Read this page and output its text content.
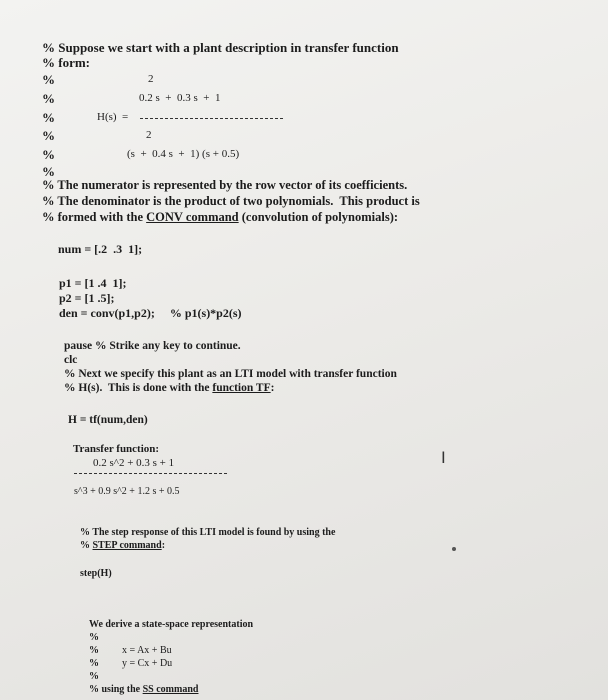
% Suppose we start with a plant description in transfer function
% form:
%	2
%	0.2 s  +  0.3 s  +  1
%	H(s)  =
%	2
%	(s  +  0.4 s  +  1) (s + 0.5)
%
% The numerator is represented by the row vector of its coefficients.
% The denominator is the product of two polynomials.  This product is
% formed with the CONV command (convolution of polynomials):
num = [.2  .3  1];
p1 = [1 .4  1];
p2 = [1 .5];
den = conv(p1,p2);     % p1(s)*p2(s)
pause % Strike any key to continue.
clc
% Next we specify this plant as an LTI model with transfer function
% H(s).  This is done with the function TF:
H = tf(num,den)
Transfer function:
0.2 s^2 + 0.3 s + 1
s^3 + 0.9 s^2 + 1.2 s + 0.5
% The step response of this LTI model is found by using the
% STEP command:
step(H)
We derive a state-space representation
%
% x = Ax + Bu
% y = Cx + Du
%
% using the SS command
I
